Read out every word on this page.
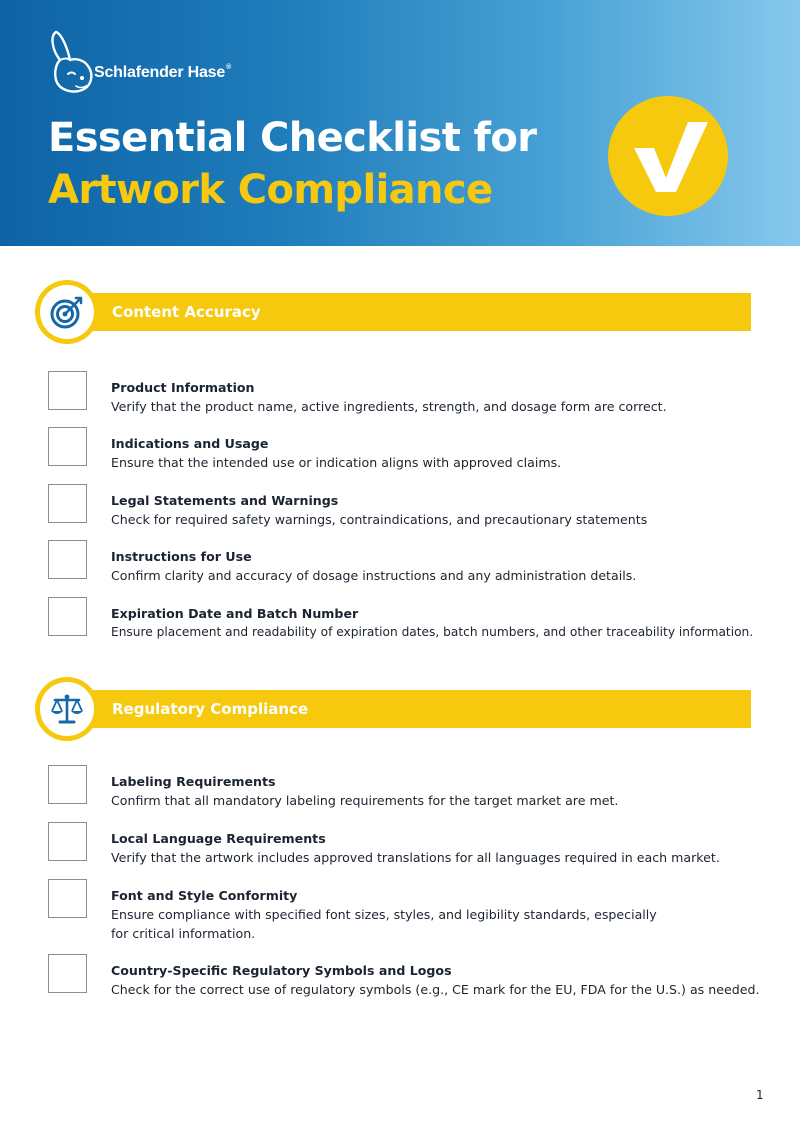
Schlafender Hase®
Essential Checklist for
Artwork Compliance
Content Accuracy
Product Information
Verify that the product name, active ingredients, strength, and dosage form are correct.
Indications and Usage
Ensure that the intended use or indication aligns with approved claims.
Legal Statements and Warnings
Check for required safety warnings, contraindications, and precautionary statements
Instructions for Use
Confirm clarity and accuracy of dosage instructions and any administration details.
Expiration Date and Batch Number
Ensure placement and readability of expiration dates, batch numbers, and other traceability information.
Regulatory Compliance
Labeling Requirements
Confirm that all mandatory labeling requirements for the target market are met.
Local Language Requirements
Verify that the artwork includes approved translations for all languages required in each market.
Font and Style Conformity
Ensure compliance with specified font sizes, styles, and legibility standards, especially for critical information.
Country-Specific Regulatory Symbols and Logos
Check for the correct use of regulatory symbols (e.g., CE mark for the EU, FDA for the U.S.) as needed.
1
